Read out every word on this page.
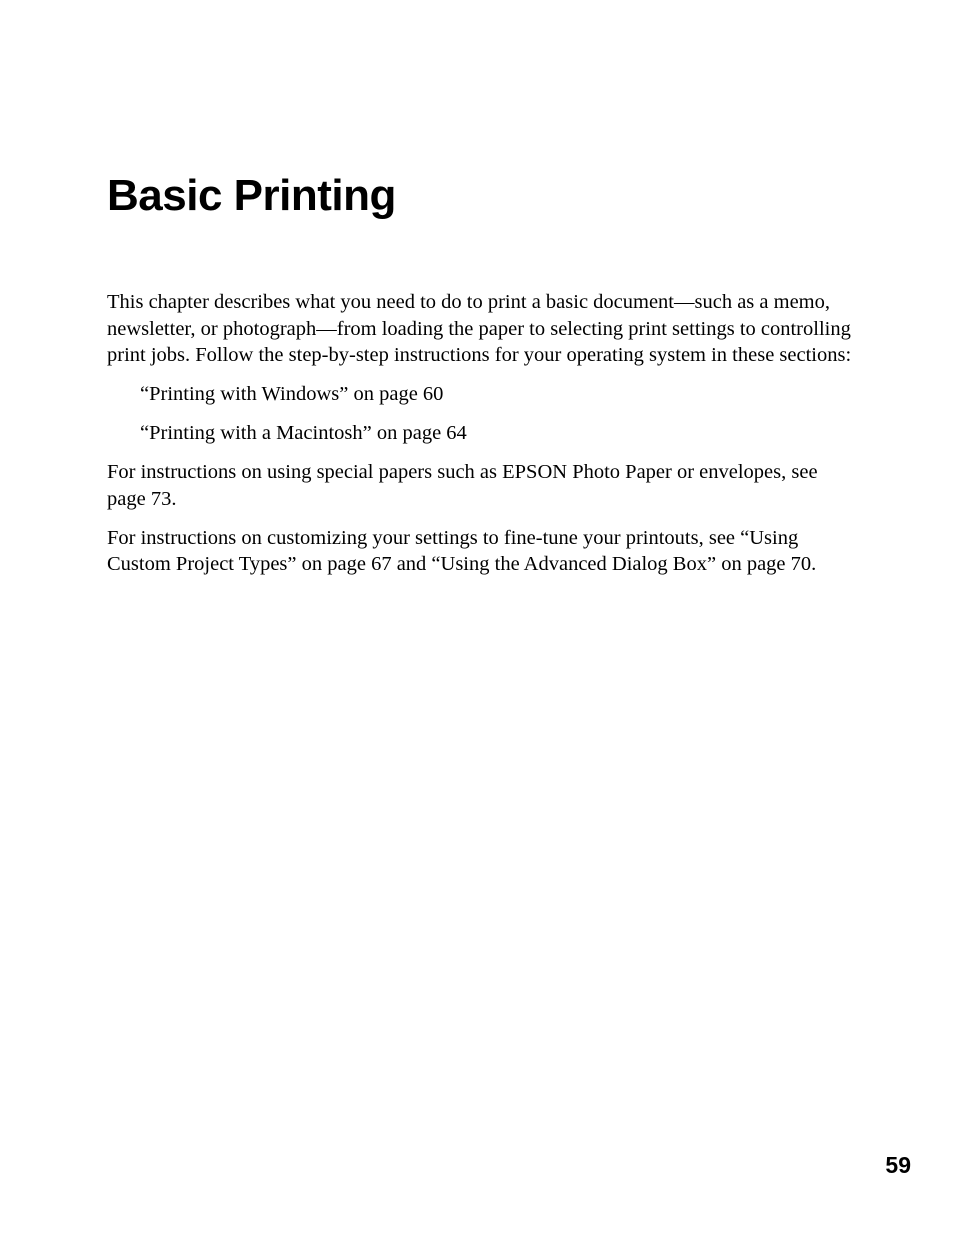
Basic Printing

This chapter describes what you need to do to print a basic document—such as a memo, newsletter, or photograph—from loading the paper to selecting print settings to controlling print jobs. Follow the step-by-step instructions for your operating system in these sections:

“Printing with Windows” on page 60

“Printing with a Macintosh” on page 64

For instructions on using special papers such as EPSON Photo Paper or envelopes, see page 73.

For instructions on customizing your settings to fine-tune your printouts, see “Using Custom Project Types” on page 67 and “Using the Advanced Dialog Box” on page 70.

59
